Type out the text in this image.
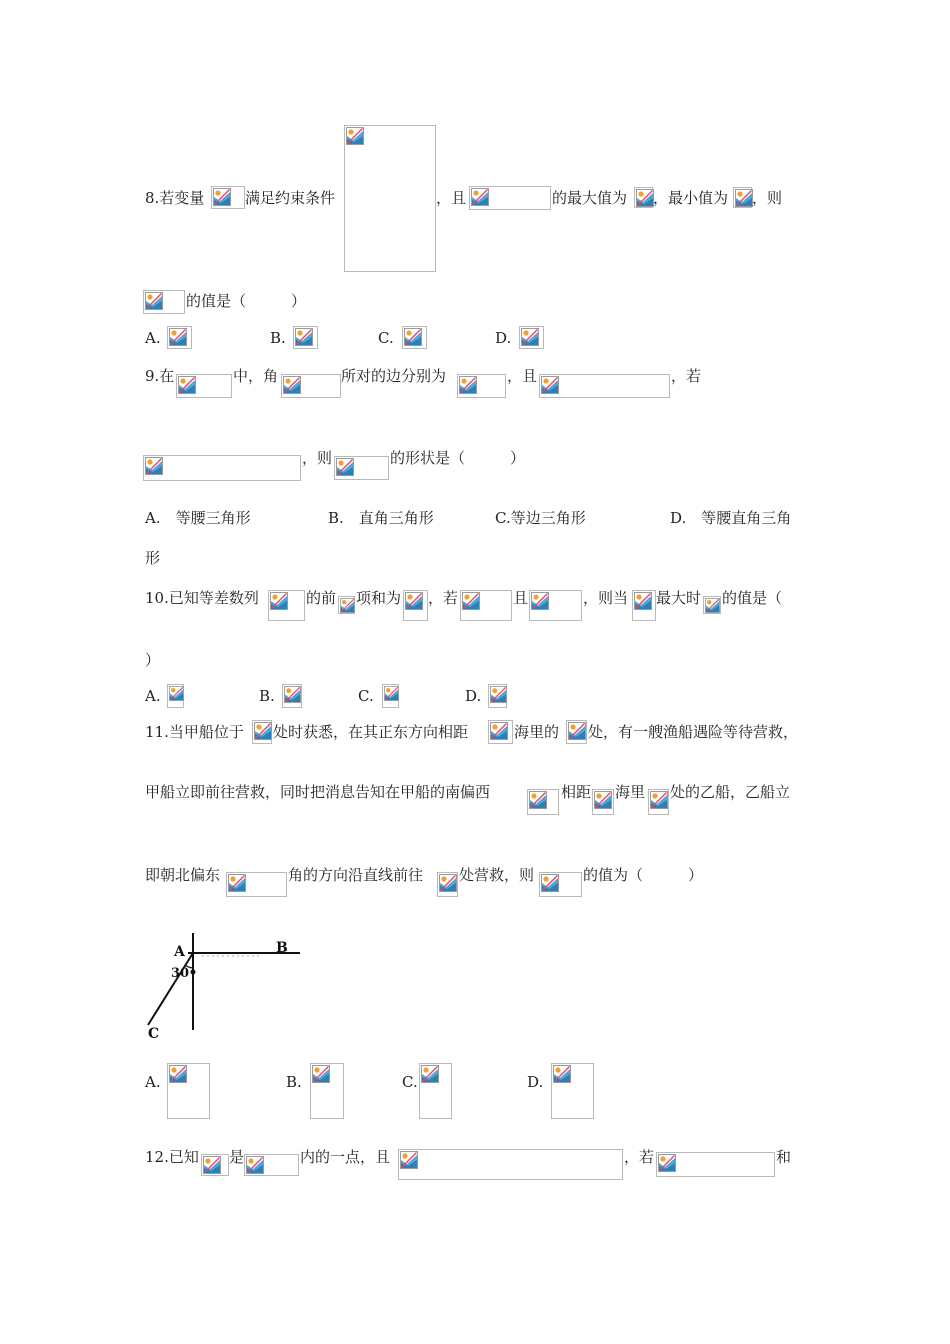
8.若变量	满足约束条件	，且	的最大值为 ，最小值为 ，则
的值是（　　　）
A.	B.	C.	D.
9.在	中，角	所对的边分别为	，且	，若
，则	的形状是（　　　）
A.　等腰三角形	B.　直角三角形	C.等边三角形	D.　等腰直角三角
形
10.已知等差数列	的前 项和为 ，若	且	，则当 最大时 的值是（
）
A.	B.	C.	D.
11.当甲船位于 处时获悉，在其正东方向相距	海里的 处，有一艘渔船遇险等待营救，
甲船立即前往营救，同时把消息告知在甲船的南偏西	相距 海里 处的乙船，乙船立
即朝北偏东	角的方向沿直线前往 处营救，则	的值为（　　　）
A	B
C
30
A.	B.	C.	D.
12.已知 是	内的一点，且	，若	和
